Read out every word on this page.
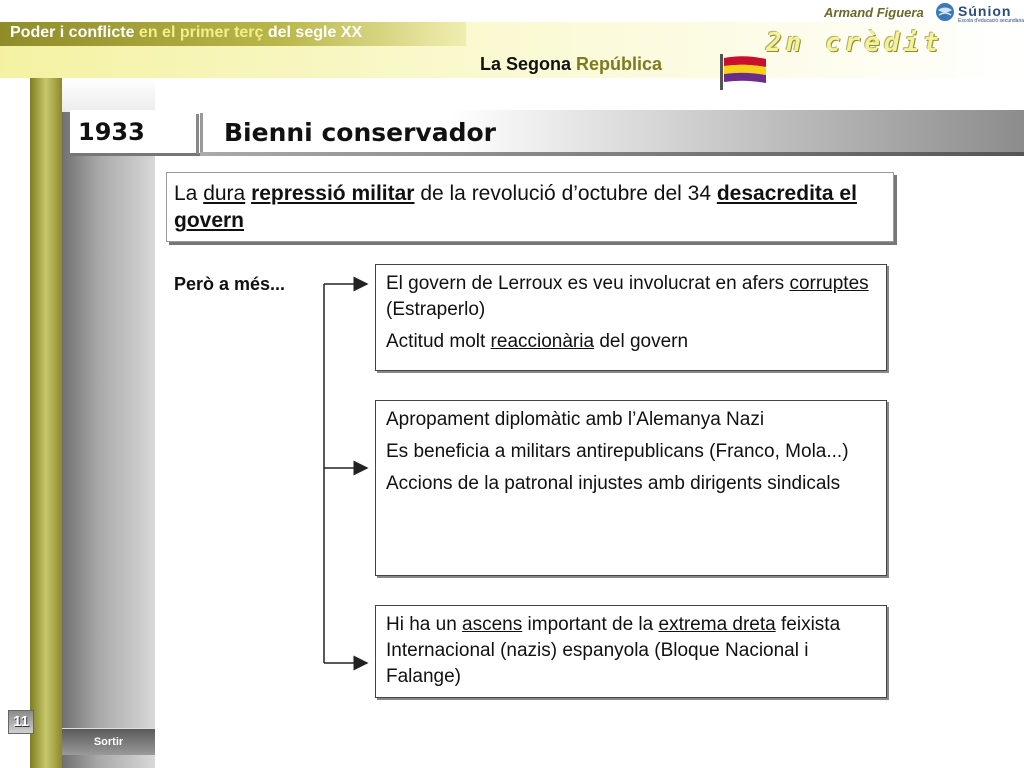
Poder i conflicte en el primer terç del segle XX
La Segona República
Armand Figuera Súnion
Escola d'educació secundària
2n crèdit
11
Sortir
1933	Bienni conservador
La dura repressió militar de la revolució d’octubre del 34 desacredita el govern
Però a més...	El govern de Lerroux es veu involucrat en afers corruptes (Estraperlo)

Actitud molt reaccionària del govern

Apropament diplomàtic amb l’Alemanya Nazi

Es beneficia a militars antirepublicans (Franco, Mola...)

Accions de la patronal injustes amb dirigents sindicals

Hi ha un ascens important de la extrema dreta feixista Internacional (nazis) espanyola (Bloque Nacional i Falange)
